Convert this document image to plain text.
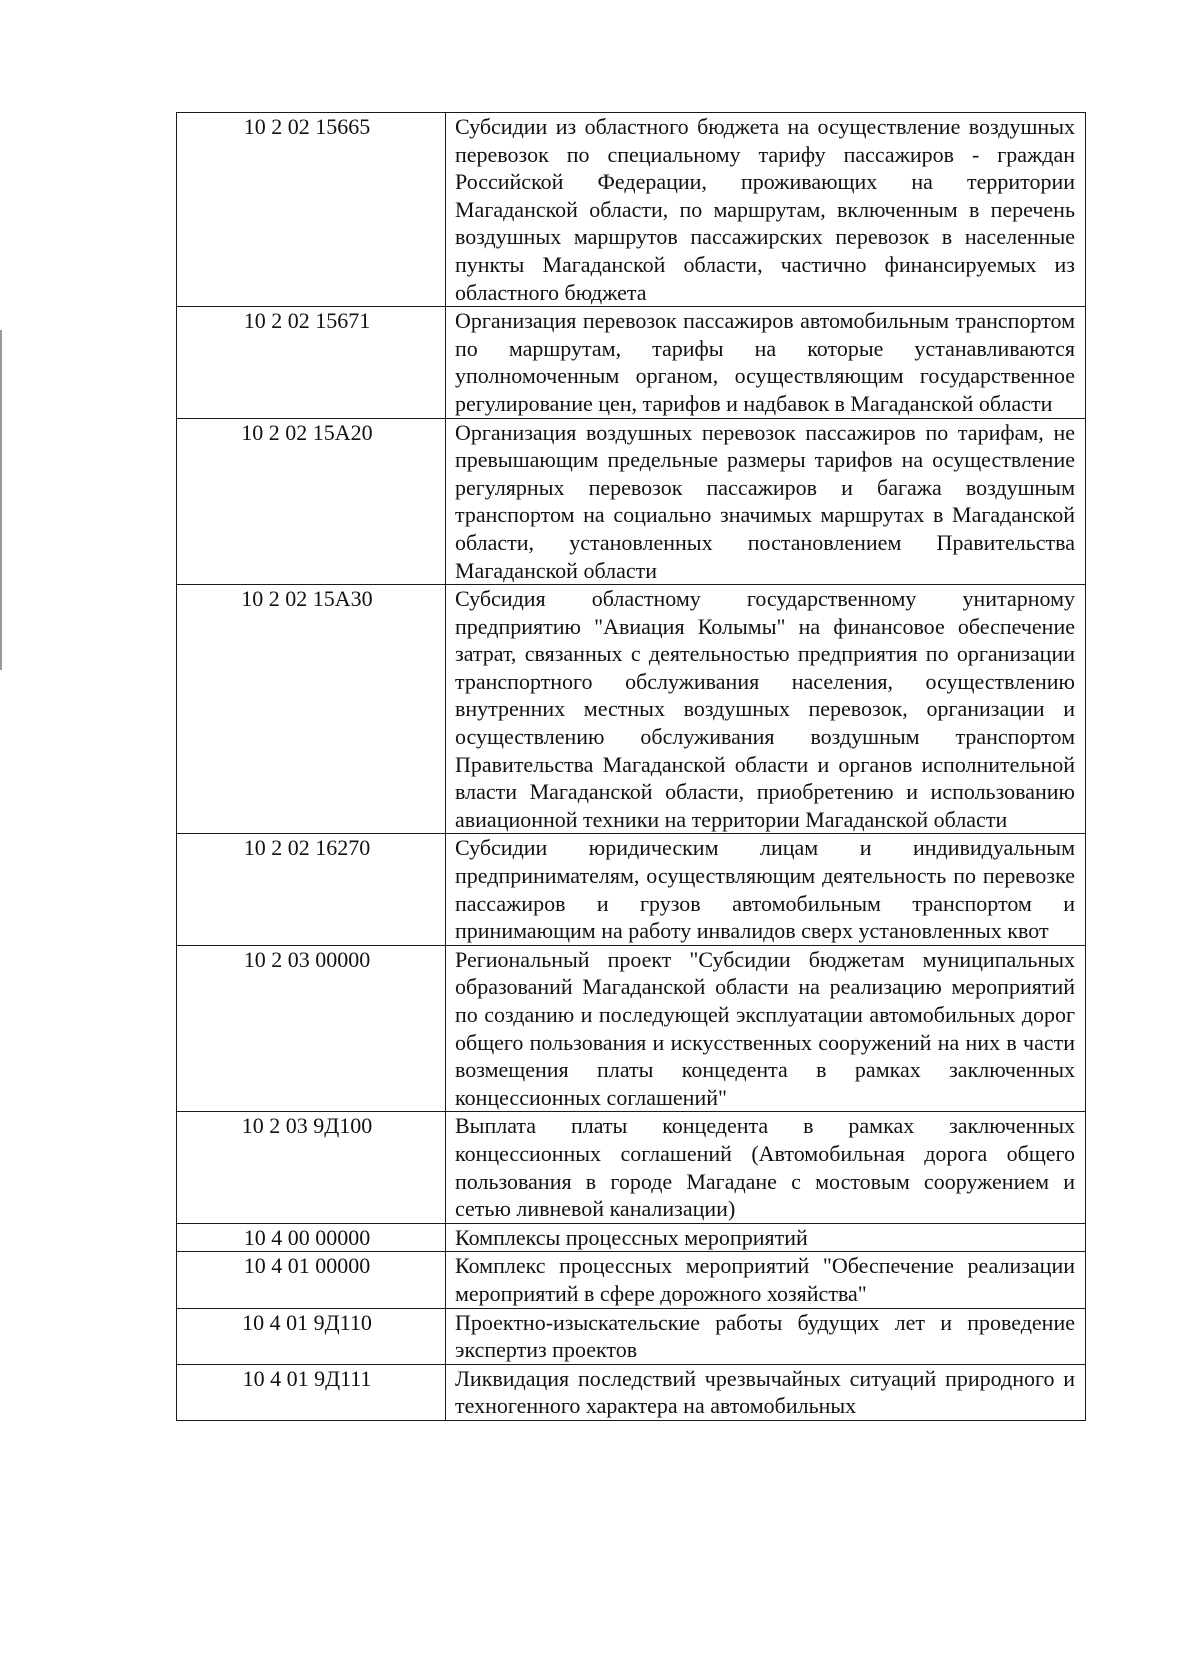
10 2 02 15665	Субсидии из областного бюджета на осуществление воздушных перевозок по специальному тарифу пассажиров - граждан Российской Федерации, проживающих на территории Магаданской области, по маршрутам, включенным в перечень воздушных маршрутов пассажирских перевозок в населенные пункты Магаданской области, частично финансируемых из областного бюджета
10 2 02 15671	Организация перевозок пассажиров автомобильным транспортом по маршрутам, тарифы на которые устанавливаются уполномоченным органом, осуществляющим государственное регулирование цен, тарифов и надбавок в Магаданской области
10 2 02 15А20	Организация воздушных перевозок пассажиров по тарифам, не превышающим предельные размеры тарифов на осуществление регулярных перевозок пассажиров и багажа воздушным транспортом на социально значимых маршрутах в Магаданской области, установленных постановлением Правительства Магаданской области
10 2 02 15А30	Субсидия областному государственному унитарному предприятию "Авиация Колымы" на финансовое обеспечение затрат, связанных с деятельностью предприятия по организации транспортного обслуживания населения, осуществлению внутренних местных воздушных перевозок, организации и осуществлению обслуживания воздушным транспортом Правительства Магаданской области и органов исполнительной власти Магаданской области, приобретению и использованию авиационной техники на территории Магаданской области
10 2 02 16270	Субсидии юридическим лицам и индивидуальным предпринимателям, осуществляющим деятельность по перевозке пассажиров и грузов автомобильным транспортом и принимающим на работу инвалидов сверх установленных квот
10 2 03 00000	Региональный проект "Субсидии бюджетам муниципальных образований Магаданской области на реализацию мероприятий по созданию и последующей эксплуатации автомобильных дорог общего пользования и искусственных сооружений на них в части возмещения платы концедента в рамках заключенных концессионных соглашений"
10 2 03 9Д100	Выплата платы концедента в рамках заключенных концессионных соглашений (Автомобильная дорога общего пользования в городе Магадане с мостовым сооружением и сетью ливневой канализации)
10 4 00 00000	Комплексы процессных мероприятий
10 4 01 00000	Комплекс процессных мероприятий "Обеспечение реализации мероприятий в сфере дорожного хозяйства"
10 4 01 9Д110	Проектно-изыскательские работы будущих лет и проведение экспертиз проектов
10 4 01 9Д111	Ликвидация последствий чрезвычайных ситуаций природного и техногенного характера на автомобильных
